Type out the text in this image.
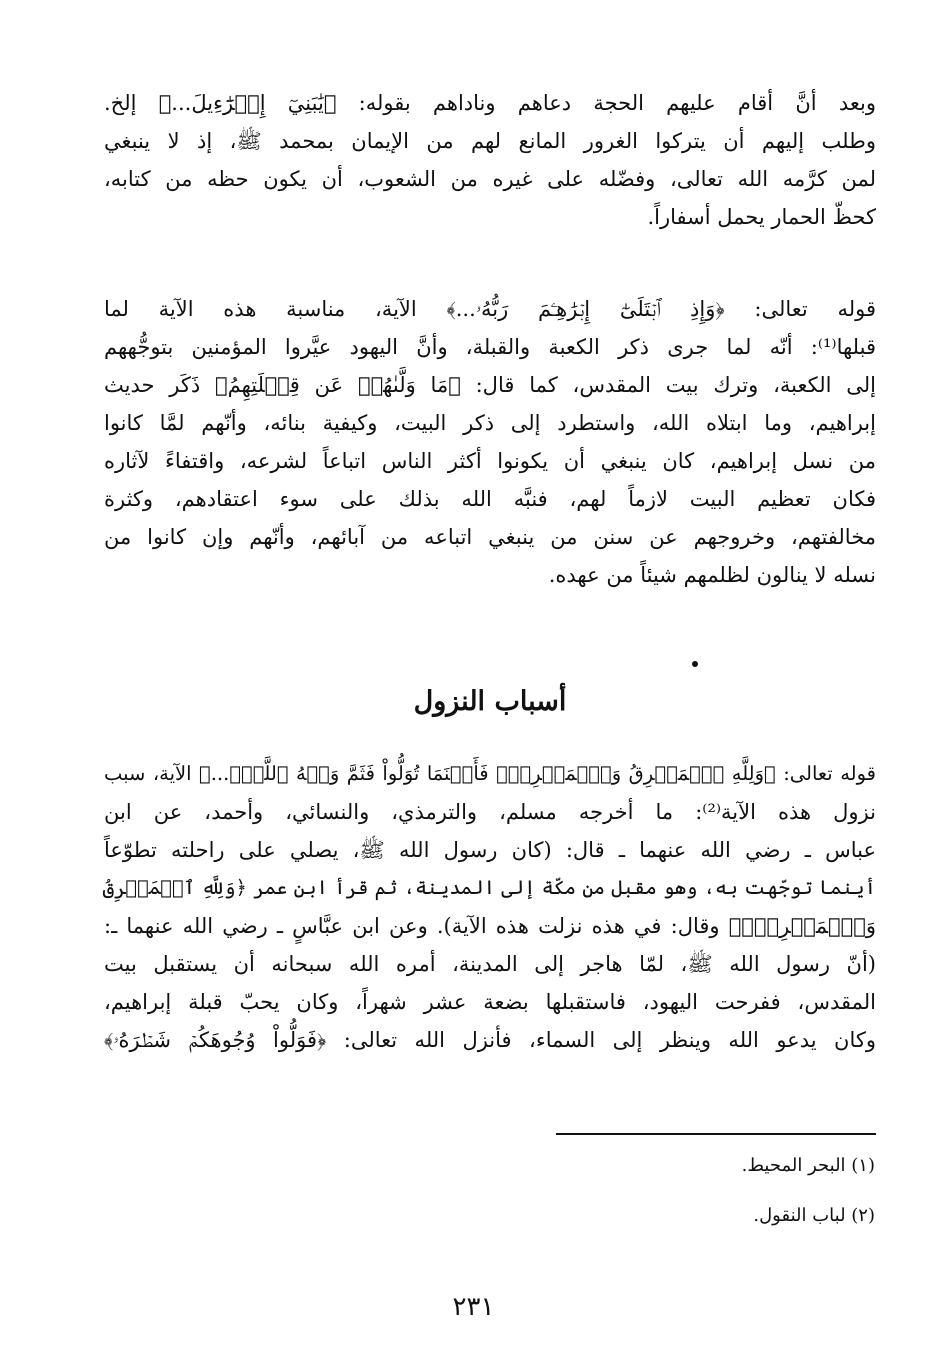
وبعد أنَّ أقام عليهم الحجة دعاهم وناداهم بقوله: ﴿يَٰبَنِيٓ إِسۡرَٰٓءِيلَ...﴾ إلخ.
وطلب إليهم أن يتركوا الغرور المانع لهم من الإيمان بمحمد ﷺ، إذ لا ينبغي
لمن كرَّمه الله تعالى، وفضّله على غيره من الشعوب، أن يكون حظه من كتابه،
كحظّ الحمار يحمل أسفاراً.
قوله تعالى: ﴿وَإِذِ ٱبۡتَلَىٰٓ إِبۡرَٰهِـۧمَ رَبُّهُۥ...﴾ الآية، مناسبة هذه الآية لما
قبلها⁽¹⁾: أنّه لما جرى ذكر الكعبة والقبلة، وأنَّ اليهود عيَّروا المؤمنين بتوجُّههم
إلى الكعبة، وترك بيت المقدس، كما قال: ﴿مَا وَلَّىٰهُمۡ عَن قِبۡلَتِهِمُ﴾ ذَكَر حديث
إبراهيم، وما ابتلاه الله، واستطرد إلى ذكر البيت، وكيفية بنائه، وأنّهم لمَّا كانوا
من نسل إبراهيم، كان ينبغي أن يكونوا أكثر الناس اتباعاً لشرعه، واقتفاءً لآثاره
فكان تعظيم البيت لازماً لهم، فنبَّه الله بذلك على سوء اعتقادهم، وكثرة
مخالفتهم، وخروجهم عن سنن من ينبغي اتباعه من آبائهم، وأنّهم وإن كانوا من
نسله لا ينالون لظلمهم شيئاً من عهده.
أسباب النزول
قوله تعالى: ﴿وَلِلَّهِ ٱلۡمَشۡرِقُ وَٱلۡمَغۡرِبُۚ فَأَيۡنَمَا تُوَلُّواْ فَثَمَّ وَجۡهُ ٱللَّهِۚ...﴾ الآية، سبب
نزول هذه الآية⁽²⁾: ما أخرجه مسلم، والترمذي، والنسائي، وأحمد، عن ابن
عباس ـ رضي الله عنهما ـ قال: (كان رسول الله ﷺ، يصلي على راحلته تطوّعاً
أينما توجّهت به، وهو مقبل من مكّة إلى المدينة، ثم قرأ ابن عمر ﴿وَلِلَّهِ ٱلۡمَشۡرِقُ
وَٱلۡمَغۡرِبُۚ﴾ وقال: في هذه نزلت هذه الآية). وعن ابن عبَّاسٍ ـ رضي الله عنهما ـ:
(أنّ رسول الله ﷺ، لمّا هاجر إلى المدينة، أمره الله سبحانه أن يستقبل بيت
المقدس، ففرحت اليهود، فاستقبلها بضعة عشر شهراً، وكان يحبّ قبلة إبراهيم،
وكان يدعو الله وينظر إلى السماء، فأنزل الله تعالى: ﴿فَوَلُّواْ وُجُوهَكُمۡ شَطۡرَهُۥ﴾
(١) البحر المحيط.
(٢) لباب النقول.
٢٣١
